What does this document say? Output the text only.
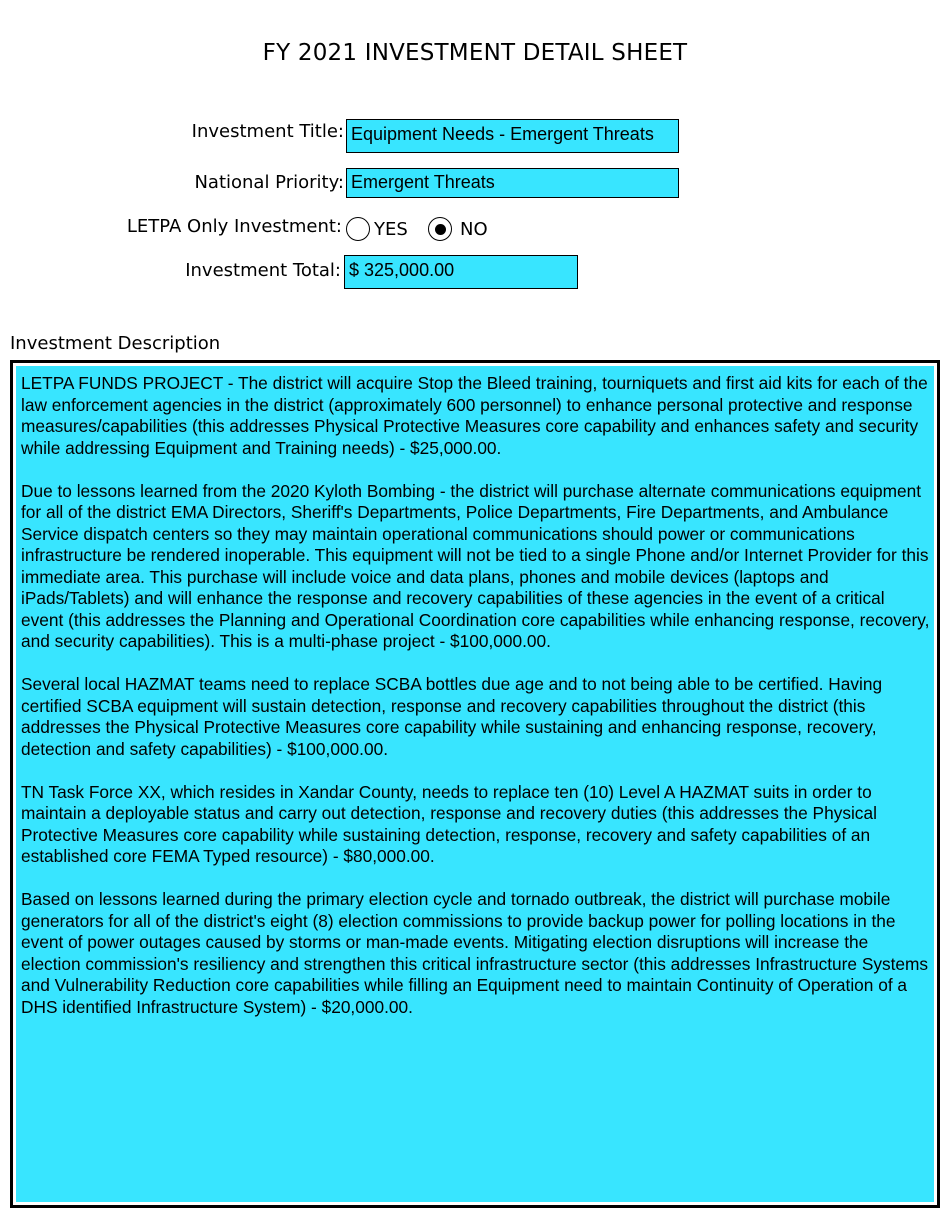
FY 2021 INVESTMENT DETAIL SHEET
Investment Title: Equipment Needs - Emergent Threats
National Priority: Emergent Threats
LETPA Only Investment: YES	NO
Investment Total: $ 325,000.00
Investment Description

LETPA FUNDS PROJECT - The district will acquire Stop the Bleed training, tourniquets and first aid kits for each of the law enforcement agencies in the district (approximately 600 personnel) to enhance personal protective and response measures/capabilities (this addresses Physical Protective Measures core capability and enhances safety and security while addressing Equipment and Training needs) - $25,000.00.

Due to lessons learned from the 2020 Kyloth Bombing - the district will purchase alternate communications equipment for all of the district EMA Directors, Sheriff's Departments, Police Departments, Fire Departments, and Ambulance Service dispatch centers so they may maintain operational communications should power or communications infrastructure be rendered inoperable. This equipment will not be tied to a single Phone and/or Internet Provider for this immediate area. This purchase will include voice and data plans, phones and mobile devices (laptops and iPads/Tablets) and will enhance the response and recovery capabilities of these agencies in the event of a critical event (this addresses the Planning and Operational Coordination core capabilities while enhancing response, recovery, and security capabilities). This is a multi-phase project - $100,000.00.

Several local HAZMAT teams need to replace SCBA bottles due age and to not being able to be certified. Having certified SCBA equipment will sustain detection, response and recovery capabilities throughout the district (this addresses the Physical Protective Measures core capability while sustaining and enhancing response, recovery, detection and safety capabilities) - $100,000.00.

TN Task Force XX, which resides in Xandar County, needs to replace ten (10) Level A HAZMAT suits in order to maintain a deployable status and carry out detection, response and recovery duties (this addresses the Physical Protective Measures core capability while sustaining detection, response, recovery and safety capabilities of an established core FEMA Typed resource) - $80,000.00.

Based on lessons learned during the primary election cycle and tornado outbreak, the district will purchase mobile generators for all of the district's eight (8) election commissions to provide backup power for polling locations in the event of power outages caused by storms or man-made events. Mitigating election disruptions will increase the election commission's resiliency and strengthen this critical infrastructure sector (this addresses Infrastructure Systems and Vulnerability Reduction core capabilities while filling an Equipment need to maintain Continuity of Operation of a DHS identified Infrastructure System) - $20,000.00.
